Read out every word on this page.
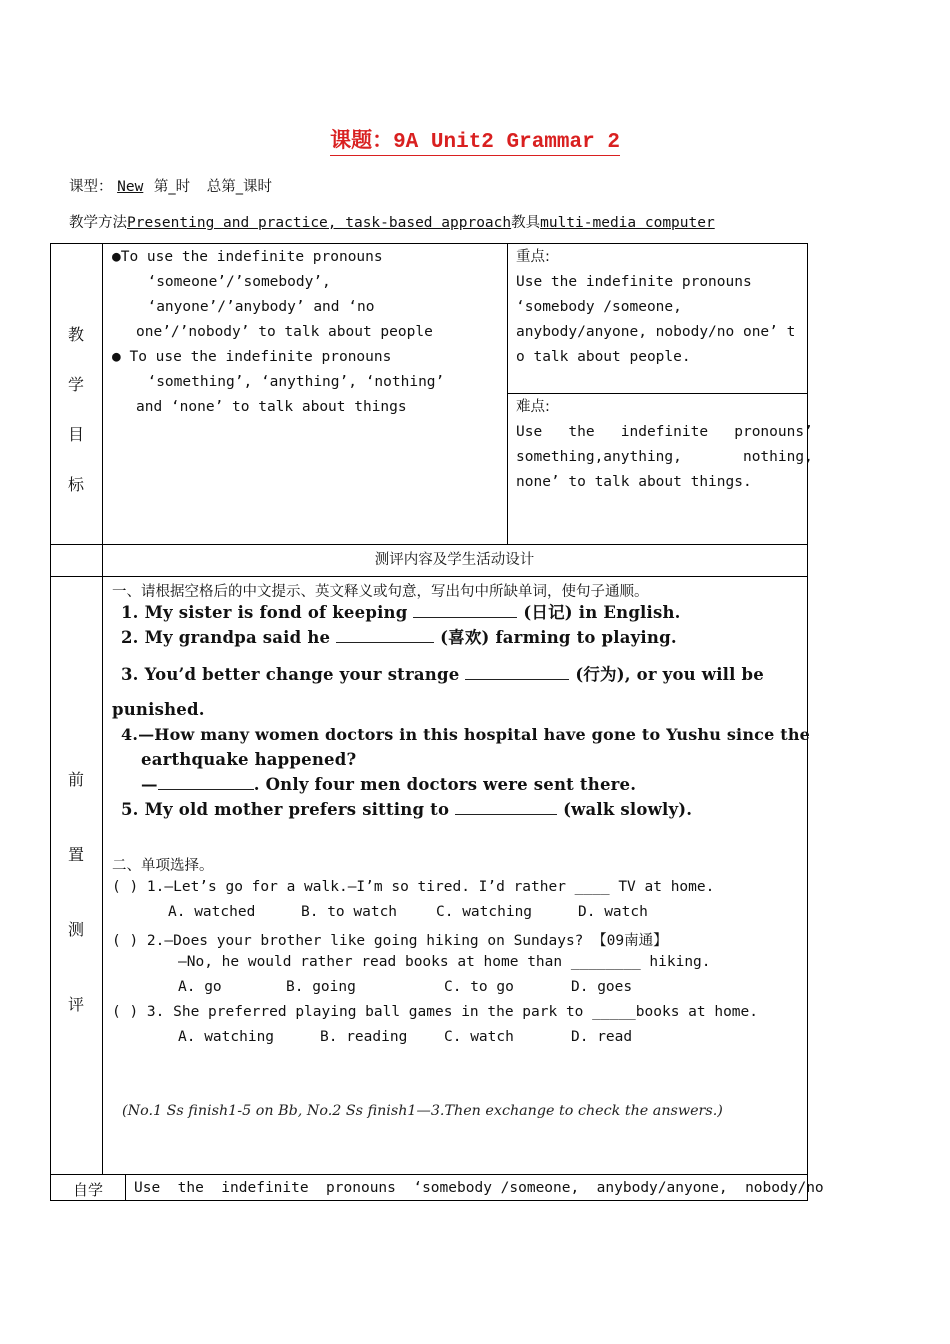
课题：9A Unit2 Grammar 2
课型： New 第_时 总第_课时
教学方法Presenting and practice, task-based approach教具multi-media computer
教
学
目
标
●To use the indefinite pronouns
‘someone’/’somebody’,
‘anyone’/’anybody’ and ‘no
one’/’nobody’ to talk about people
● To use the indefinite pronouns
‘something’, ‘anything’, ‘nothing’
and ‘none’ to talk about things
重点:
Use the indefinite pronouns
‘somebody /someone,
anybody/anyone, nobody/no one’ t
o talk about people.
难点:
Use   the   indefinite   pronouns’
something,anything,       nothing,
none’ to talk about things.
测评内容及学生活动设计
前
置
测
评
一、请根据空格后的中文提示、英文释义或句意，写出句中所缺单词，使句子通顺。
1. My sister is fond of keeping	(日记) in English.
2. My grandpa said he	(喜欢) farming to playing.
3. You’d better change your strange	(行为), or you will be
punished.
4.—How many women doctors in this hospital have gone to Yushu since the
earthquake happened?
—	. Only four men doctors were sent there.
5. My old mother prefers sitting to	(walk slowly).
二、单项选择。
( ) 1.—Let’s go for a walk.—I’m so tired. I’d rather ____ TV at home.
A. watched	B. to watch	C. watching	D. watch
( ) 2.—Does your brother like going hiking on Sundays? 【09南通】
—No, he would rather read books at home than ________ hiking.
A. go	B. going	C. to go	D. goes
( ) 3. She preferred playing ball games in the park to _____books at home.
A. watching	B. reading	C. watch	D. read
(No.1 Ss finish1-5 on Bb, No.2 Ss finish1—3.Then exchange to check the answers.)
自学 Use  the  indefinite  pronouns  ‘somebody /someone,  anybody/anyone,  nobody/no
